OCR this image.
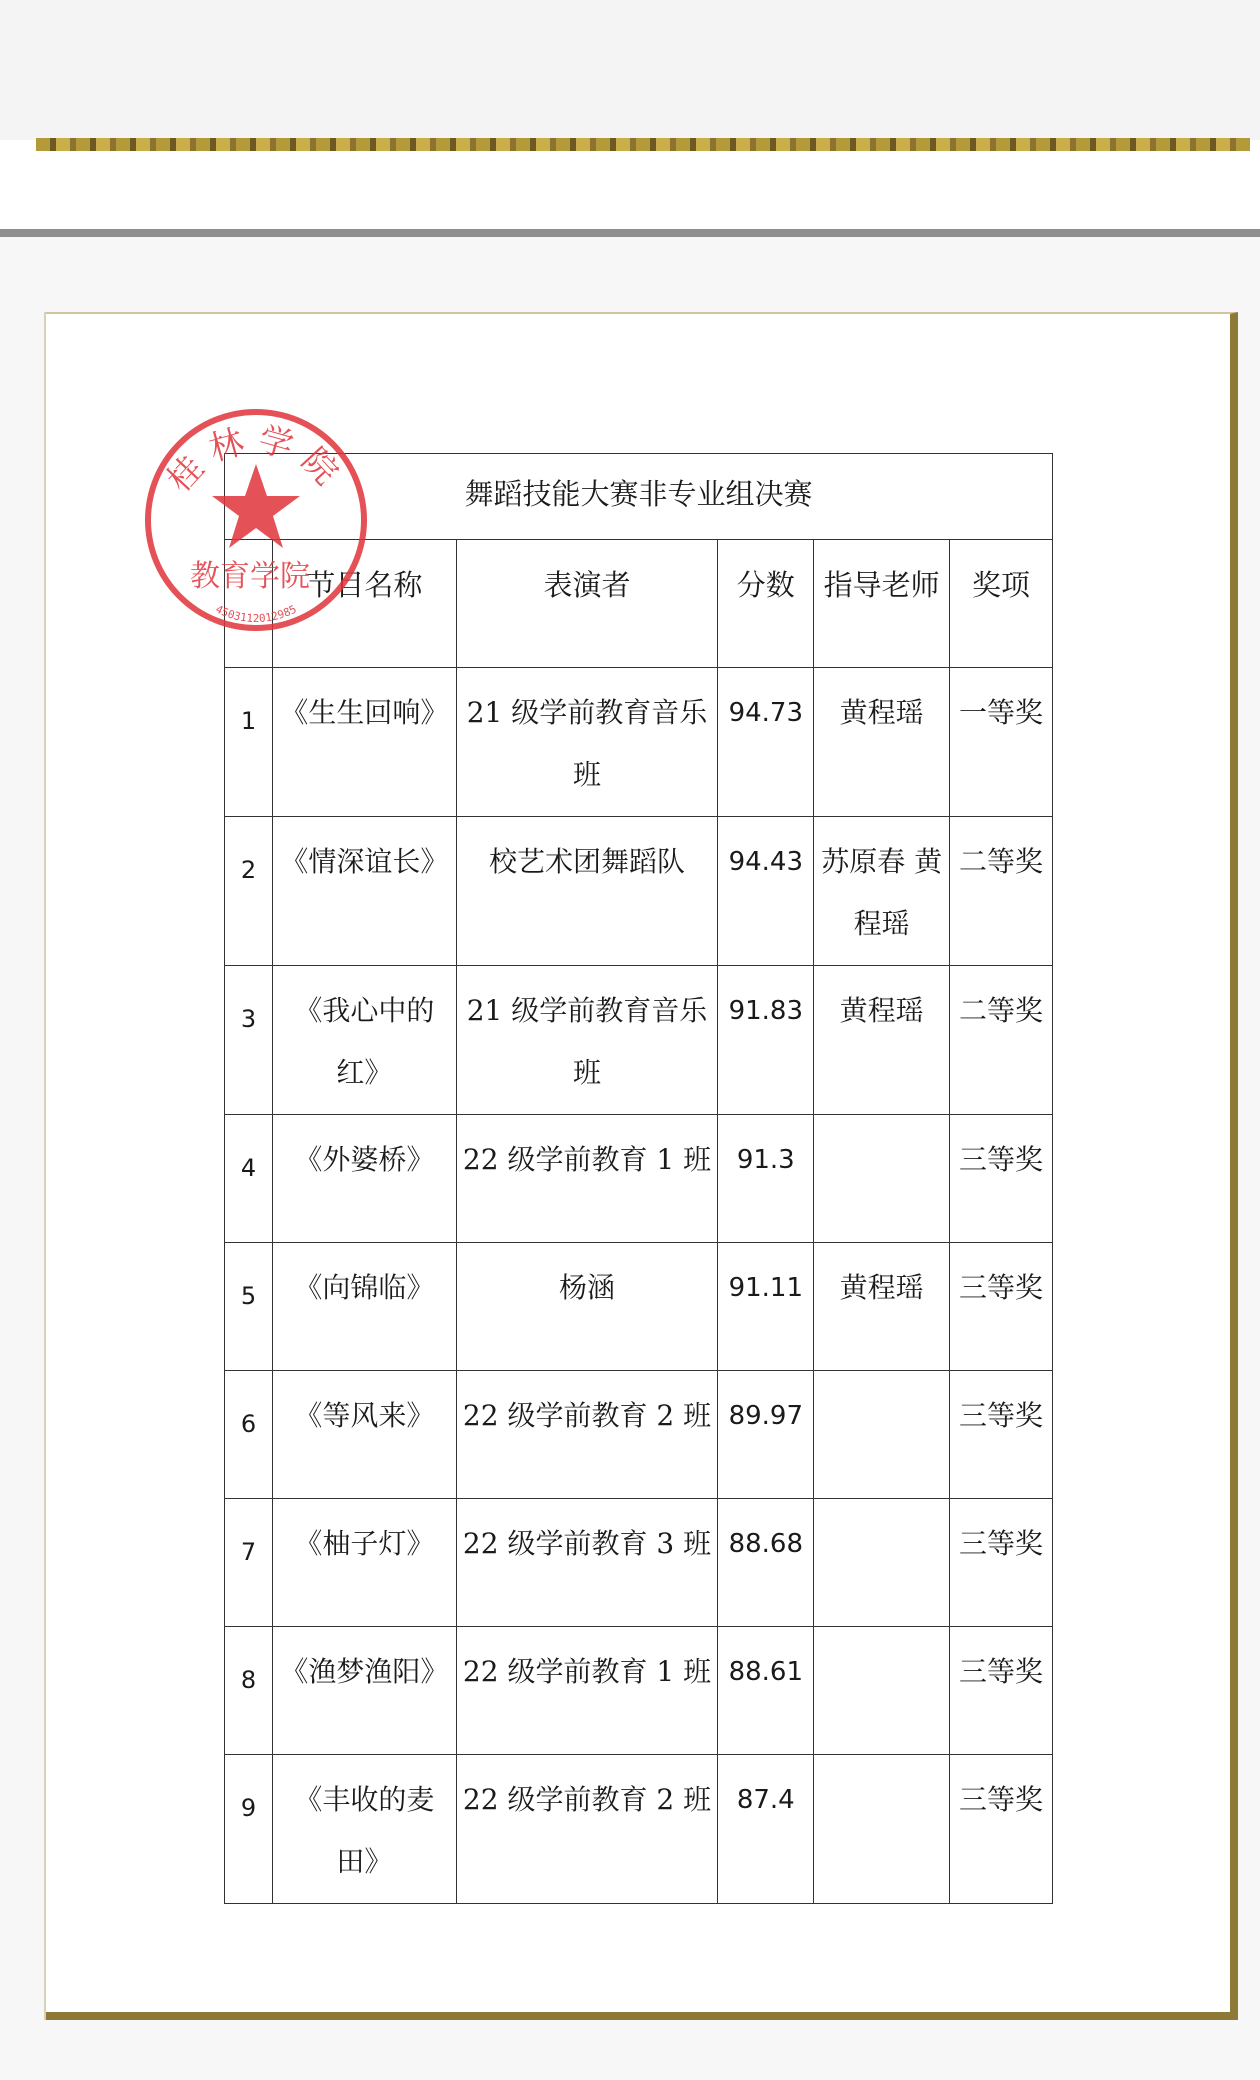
舞蹈技能大赛非专业组决赛					
	节目名称	表演者	分数	指导老师	奖项
1	《生生回响》	21 级学前教育音乐班	94.73	黄程瑶	一等奖
2	《情深谊长》	校艺术团舞蹈队	94.43	苏原春 黄程瑶	二等奖
3	《我心中的红》	21 级学前教育音乐班	91.83	黄程瑶	二等奖
4	《外婆桥》	22 级学前教育 1 班	91.3		三等奖
5	《向锦临》	杨涵	91.11	黄程瑶	三等奖
6	《等风来》	22 级学前教育 2 班	89.97		三等奖
7	《柚子灯》	22 级学前教育 3 班	88.68		三等奖
8	《渔梦渔阳》	22 级学前教育 1 班	88.61		三等奖
9	《丰收的麦田》	22 级学前教育 2 班	87.4		三等奖
桂林学院
教育学院
4503112012985
